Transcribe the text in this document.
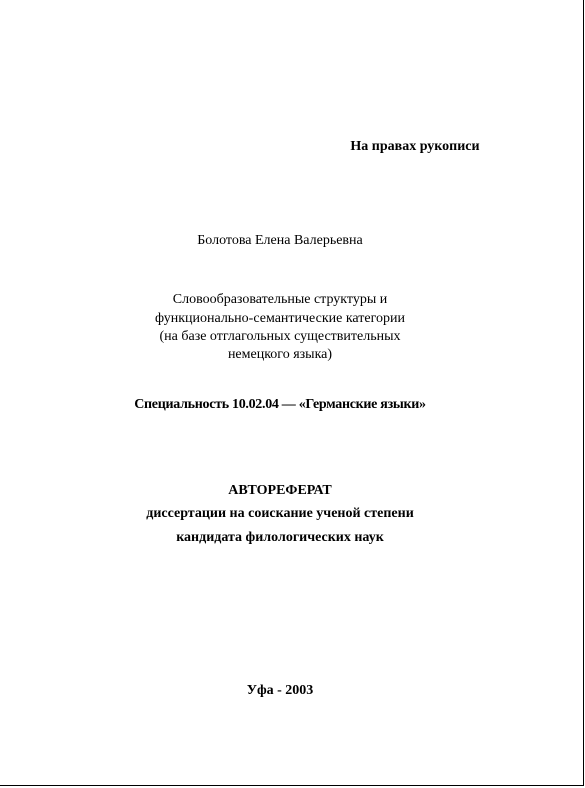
На правах рукописи
Болотова Елена Валерьевна
Словообразовательные структуры и
функционально-семантические категории
(на базе отглагольных существительных
немецкого языка)
Специальность 10.02.04 — «Германские языки»
АВТОРЕФЕРАТ
диссертации на соискание ученой степени
кандидата филологических наук
Уфа - 2003
